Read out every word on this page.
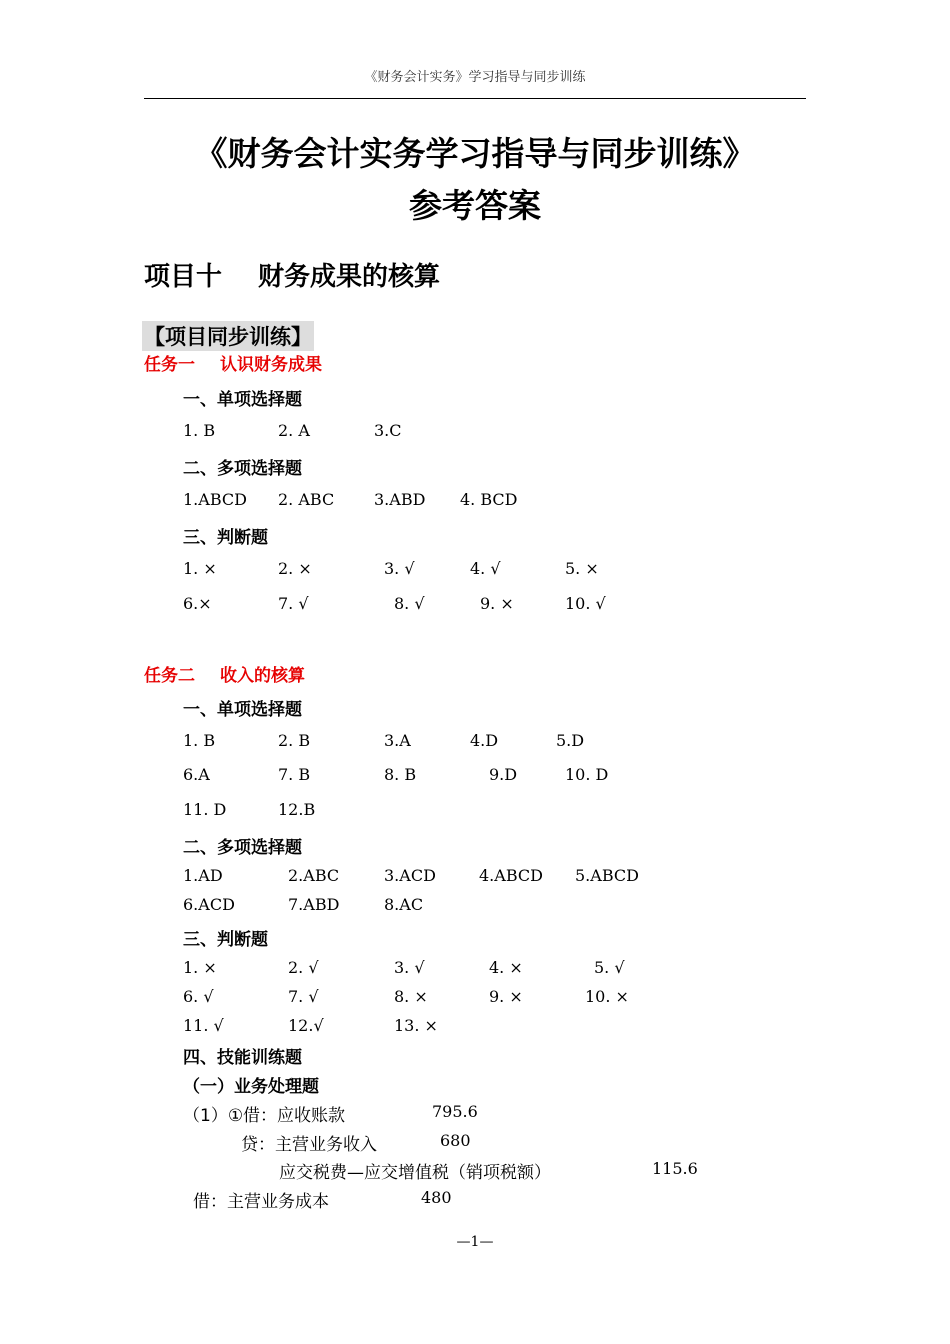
《财务会计实务》学习指导与同步训练
《财务会计实务学习指导与同步训练》
参考答案
项目十 财务成果的核算
【项目同步训练】
任务一 认识财务成果
一、单项选择题
1. B	2. A	3.C
二、多项选择题
1.ABCD 2. ABC 3.ABD 4. BCD
三、判断题
1. ×	2. ×	3. √	4. √	5. ×
6.×	7. √	8. √	9. ×	10. √
任务二 收入的核算
一、单项选择题
1. B	2. B	3.A	4.D	5.D
6.A	7. B	8. B	9.D	10. D
11. D	12.B
二、多项选择题
1.AD	2.ABC	3.ACD	4.ABCD 5.ABCD
6.ACD	7.ABD	8.AC
三、判断题
1. ×	2. √	3. √	4. ×	5. √
6. √	7. √	8. ×	9. ×	10. ×
11. √	12.√	13. ×
四、技能训练题
（一）业务处理题
（1）①借：应收账款	795.6
贷：主营业务收入	680
应交税费—应交增值税（销项税额）	115.6
借：主营业务成本	480
—1—
